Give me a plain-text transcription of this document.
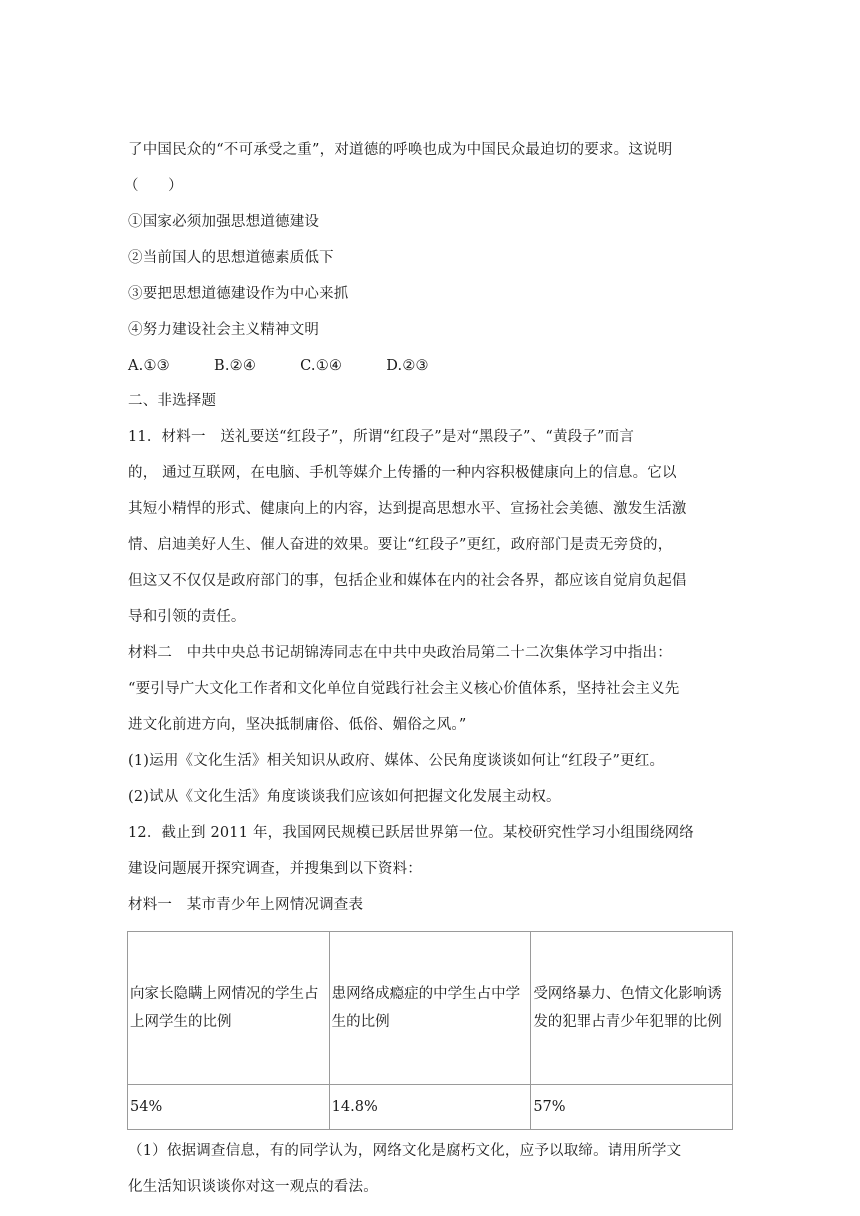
了中国民众的“不可承受之重”，对道德的呼唤也成为中国民众最迫切的要求。这说明
（　　）
①国家必须加强思想道德建设
②当前国人的思想道德素质低下
③要把思想道德建设作为中心来抓
④努力建设社会主义精神文明
A.①③　　　B.②④　　　C.①④　　　D.②③
二、非选择题
11．材料一　送礼要送“红段子”，所谓“红段子”是对“黑段子”、“黄段子”而言
的， 通过互联网，在电脑、手机等媒介上传播的一种内容积极健康向上的信息。它以
其短小精悍的形式、健康向上的内容，达到提高思想水平、宣扬社会美德、激发生活激
情、启迪美好人生、催人奋进的效果。要让“红段子”更红，政府部门是责无旁贷的，
但这又不仅仅是政府部门的事，包括企业和媒体在内的社会各界，都应该自觉肩负起倡
导和引领的责任。
材料二　中共中央总书记胡锦涛同志在中共中央政治局第二十二次集体学习中指出：
“要引导广大文化工作者和文化单位自觉践行社会主义核心价值体系，坚持社会主义先
进文化前进方向，坚决抵制庸俗、低俗、媚俗之风。”
(1)运用《文化生活》相关知识从政府、媒体、公民角度谈谈如何让“红段子”更红。
(2)试从《文化生活》角度谈谈我们应该如何把握文化发展主动权。
12．截止到 2011 年，我国网民规模已跃居世界第一位。某校研究性学习小组围绕网络
建设问题展开探究调查，并搜集到以下资料：
材料一　某市青少年上网情况调查表
向家长隐瞒上网情况的学生占上网学生的比例	患网络成瘾症的中学生占中学生的比例	受网络暴力、色情文化影响诱发的犯罪占青少年犯罪的比例

54%	14.8%	57%
（1）依据调查信息，有的同学认为，网络文化是腐朽文化，应予以取缔。请用所学文
化生活知识谈谈你对这一观点的看法。
